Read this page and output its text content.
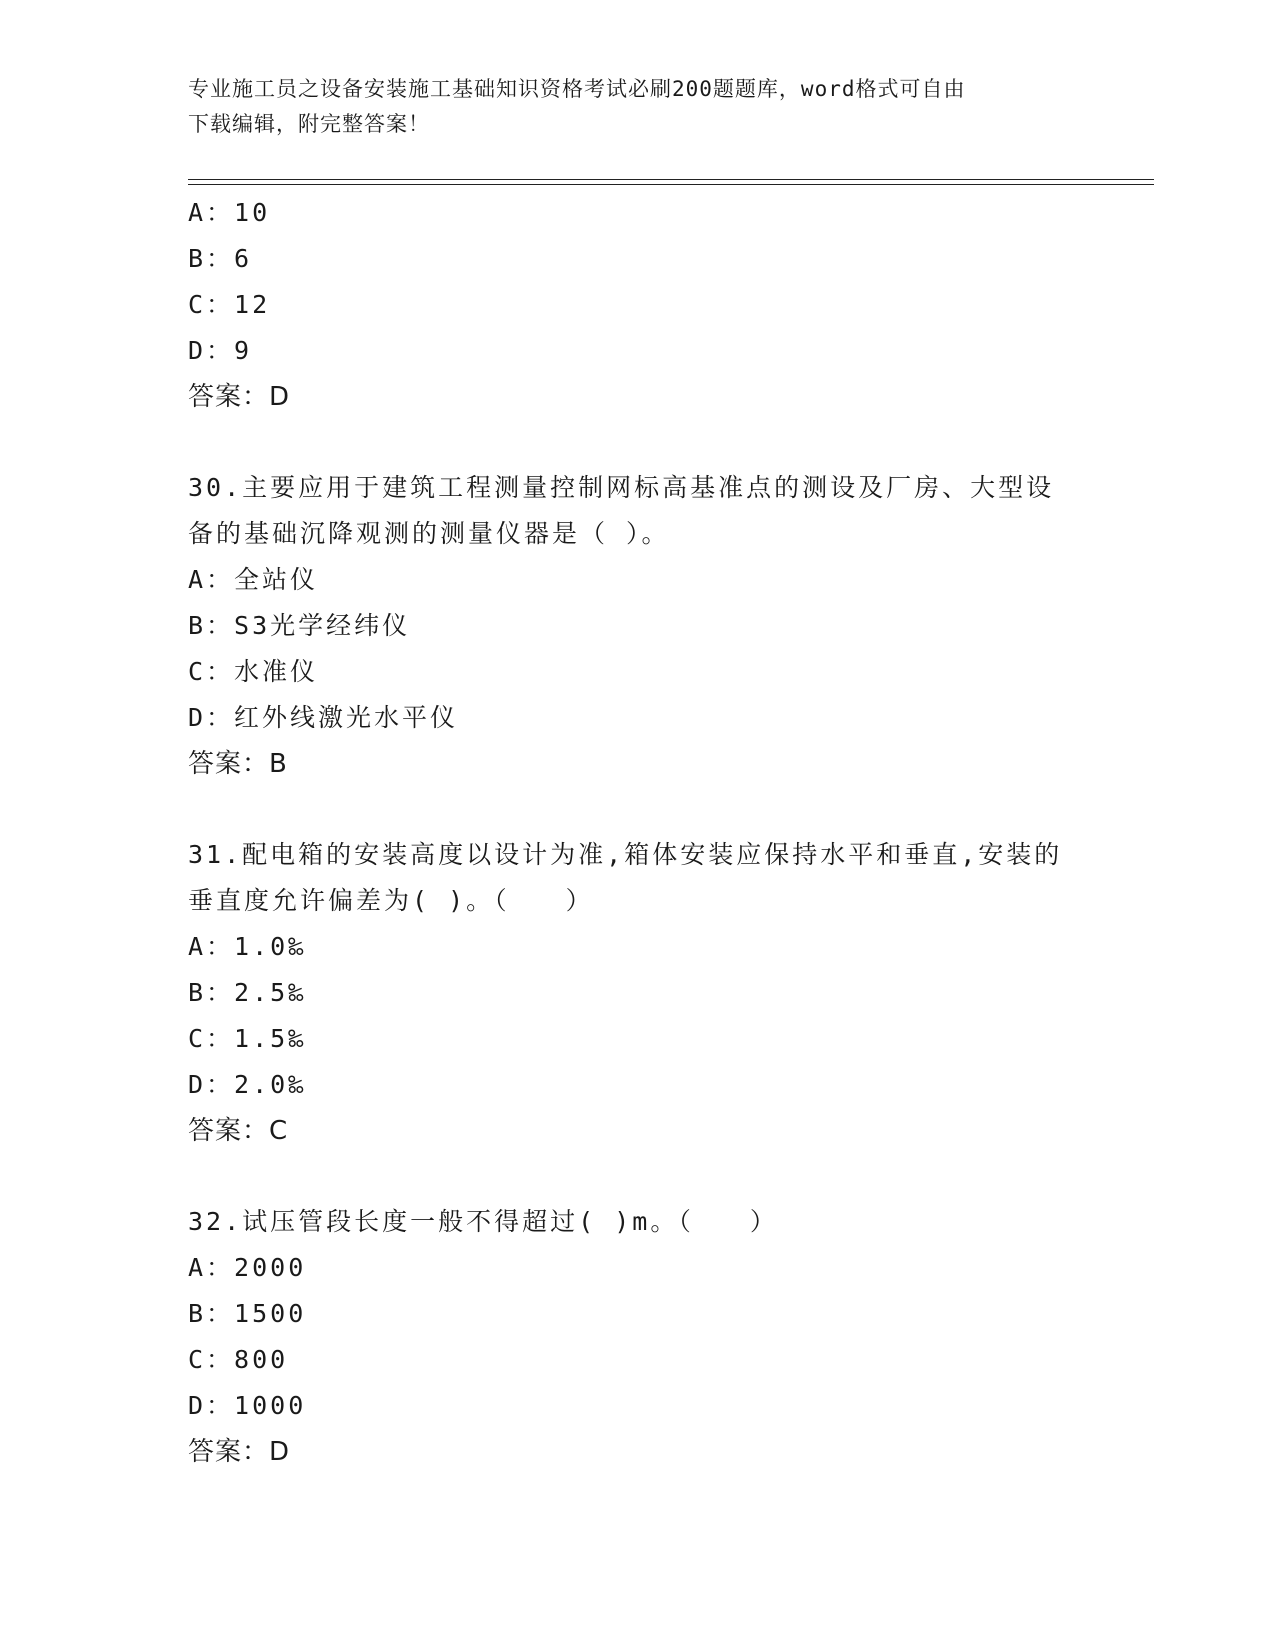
专业施工员之设备安装施工基础知识资格考试必刷200题题库，word格式可自由
下载编辑，附完整答案！
A：10
B：6
C：12
D：9
答案：D
30.主要应用于建筑工程测量控制网标高基准点的测设及厂房、大型设
备的基础沉降观测的测量仪器是（ ）。
A：全站仪
B：S3光学经纬仪
C：水准仪
D：红外线激光水平仪
答案：B
31.配电箱的安装高度以设计为准,箱体安装应保持水平和垂直,安装的
垂直度允许偏差为( )。（　　）
A：1.0‰
B：2.5‰
C：1.5‰
D：2.0‰
答案：C
32.试压管段长度一般不得超过( )m。（　　）
A：2000
B：1500
C：800
D：1000
答案：D
